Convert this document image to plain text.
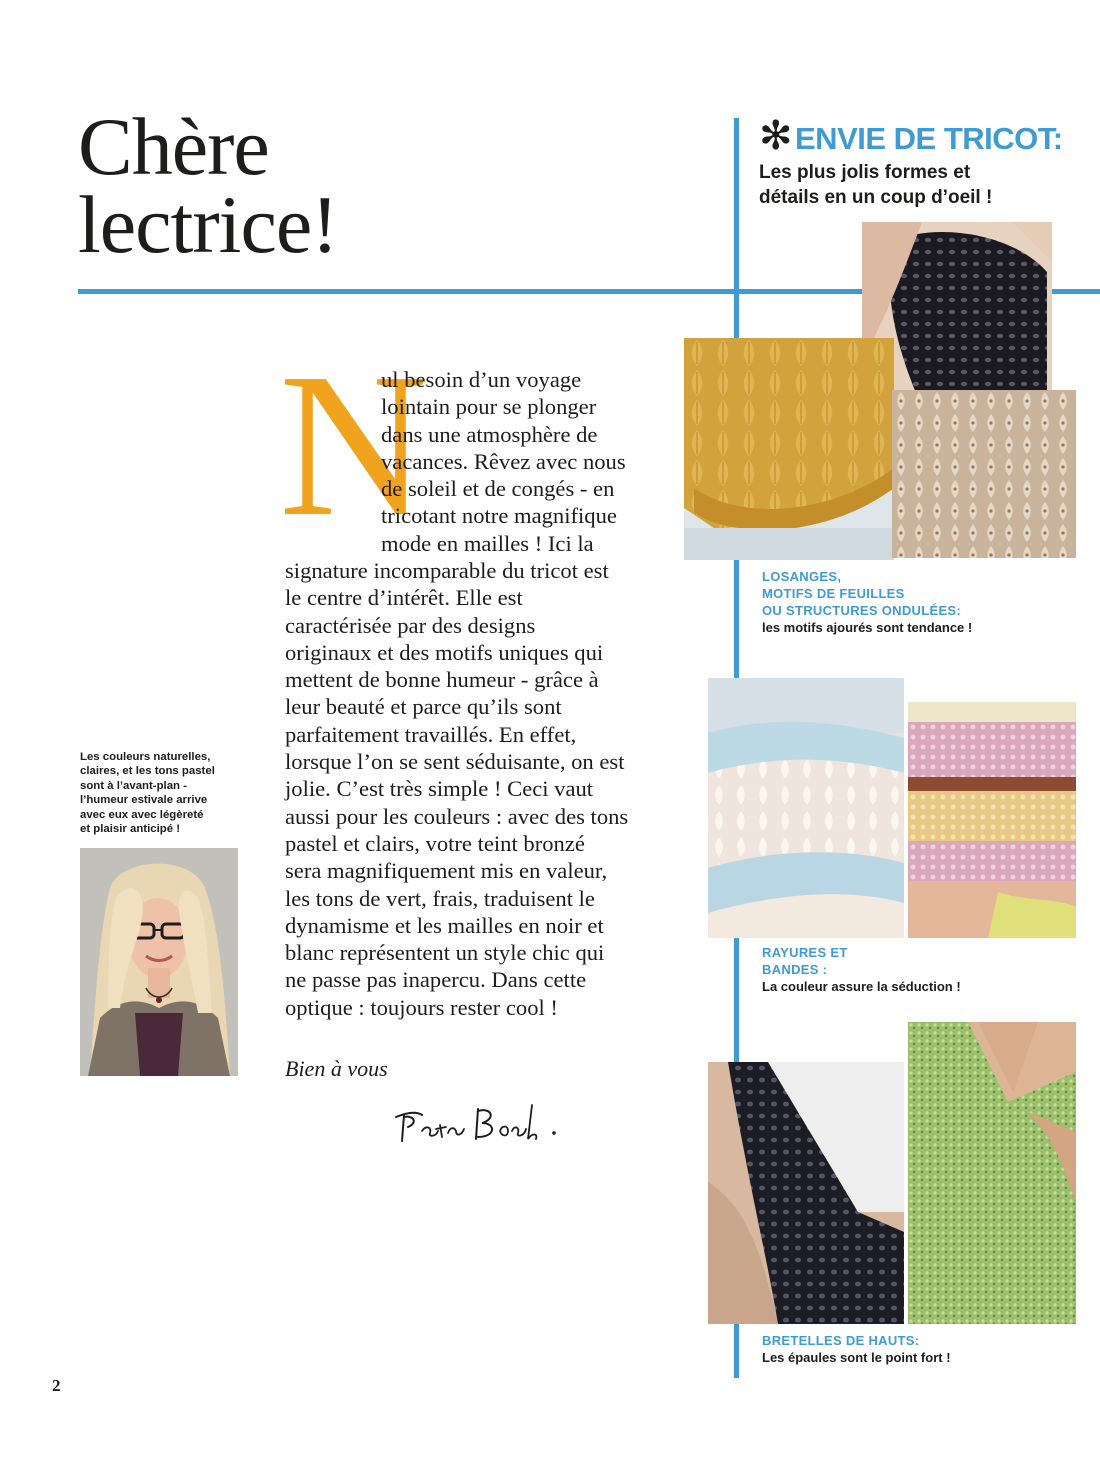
Chère
lectrice!
✻ ENVIE DE TRICOT:
Les plus jolis formes et
détails en un coup d’oeil !
LOSANGES,
MOTIFS DE FEUILLES
OU STRUCTURES ONDULÉES:
les motifs ajourés sont tendance !
RAYURES ET
BANDES :
La couleur assure la séduction !
BRETELLES DE HAUTS:
Les épaules sont le point fort !
N
ul besoin d’un voyage
lointain pour se plonger
dans une atmosphère de
vacances. Rêvez avec nous
de soleil et de congés - en
tricotant notre magnifique
mode en mailles ! Ici la
signature incomparable du tricot est
le centre d’intérêt. Elle est
caractérisée par des designs
originaux et des motifs uniques qui
mettent de bonne humeur - grâce à
leur beauté et parce qu’ils sont
parfaitement travaillés. En effet,
lorsque l’on se sent séduisante, on est
jolie. C’est très simple ! Ceci vaut
aussi pour les couleurs : avec des tons
pastel et clairs, votre teint bronzé
sera magnifiquement mis en valeur,
les tons de vert, frais, traduisent le
dynamisme et les mailles en noir et
blanc représentent un style chic qui
ne passe pas inapercu. Dans cette
optique : toujours rester cool !
Bien à vous
Les couleurs naturelles,
claires, et les tons pastel
sont à l’avant-plan -
l’humeur estivale arrive
avec eux avec légèreté
et plaisir anticipé !
2
